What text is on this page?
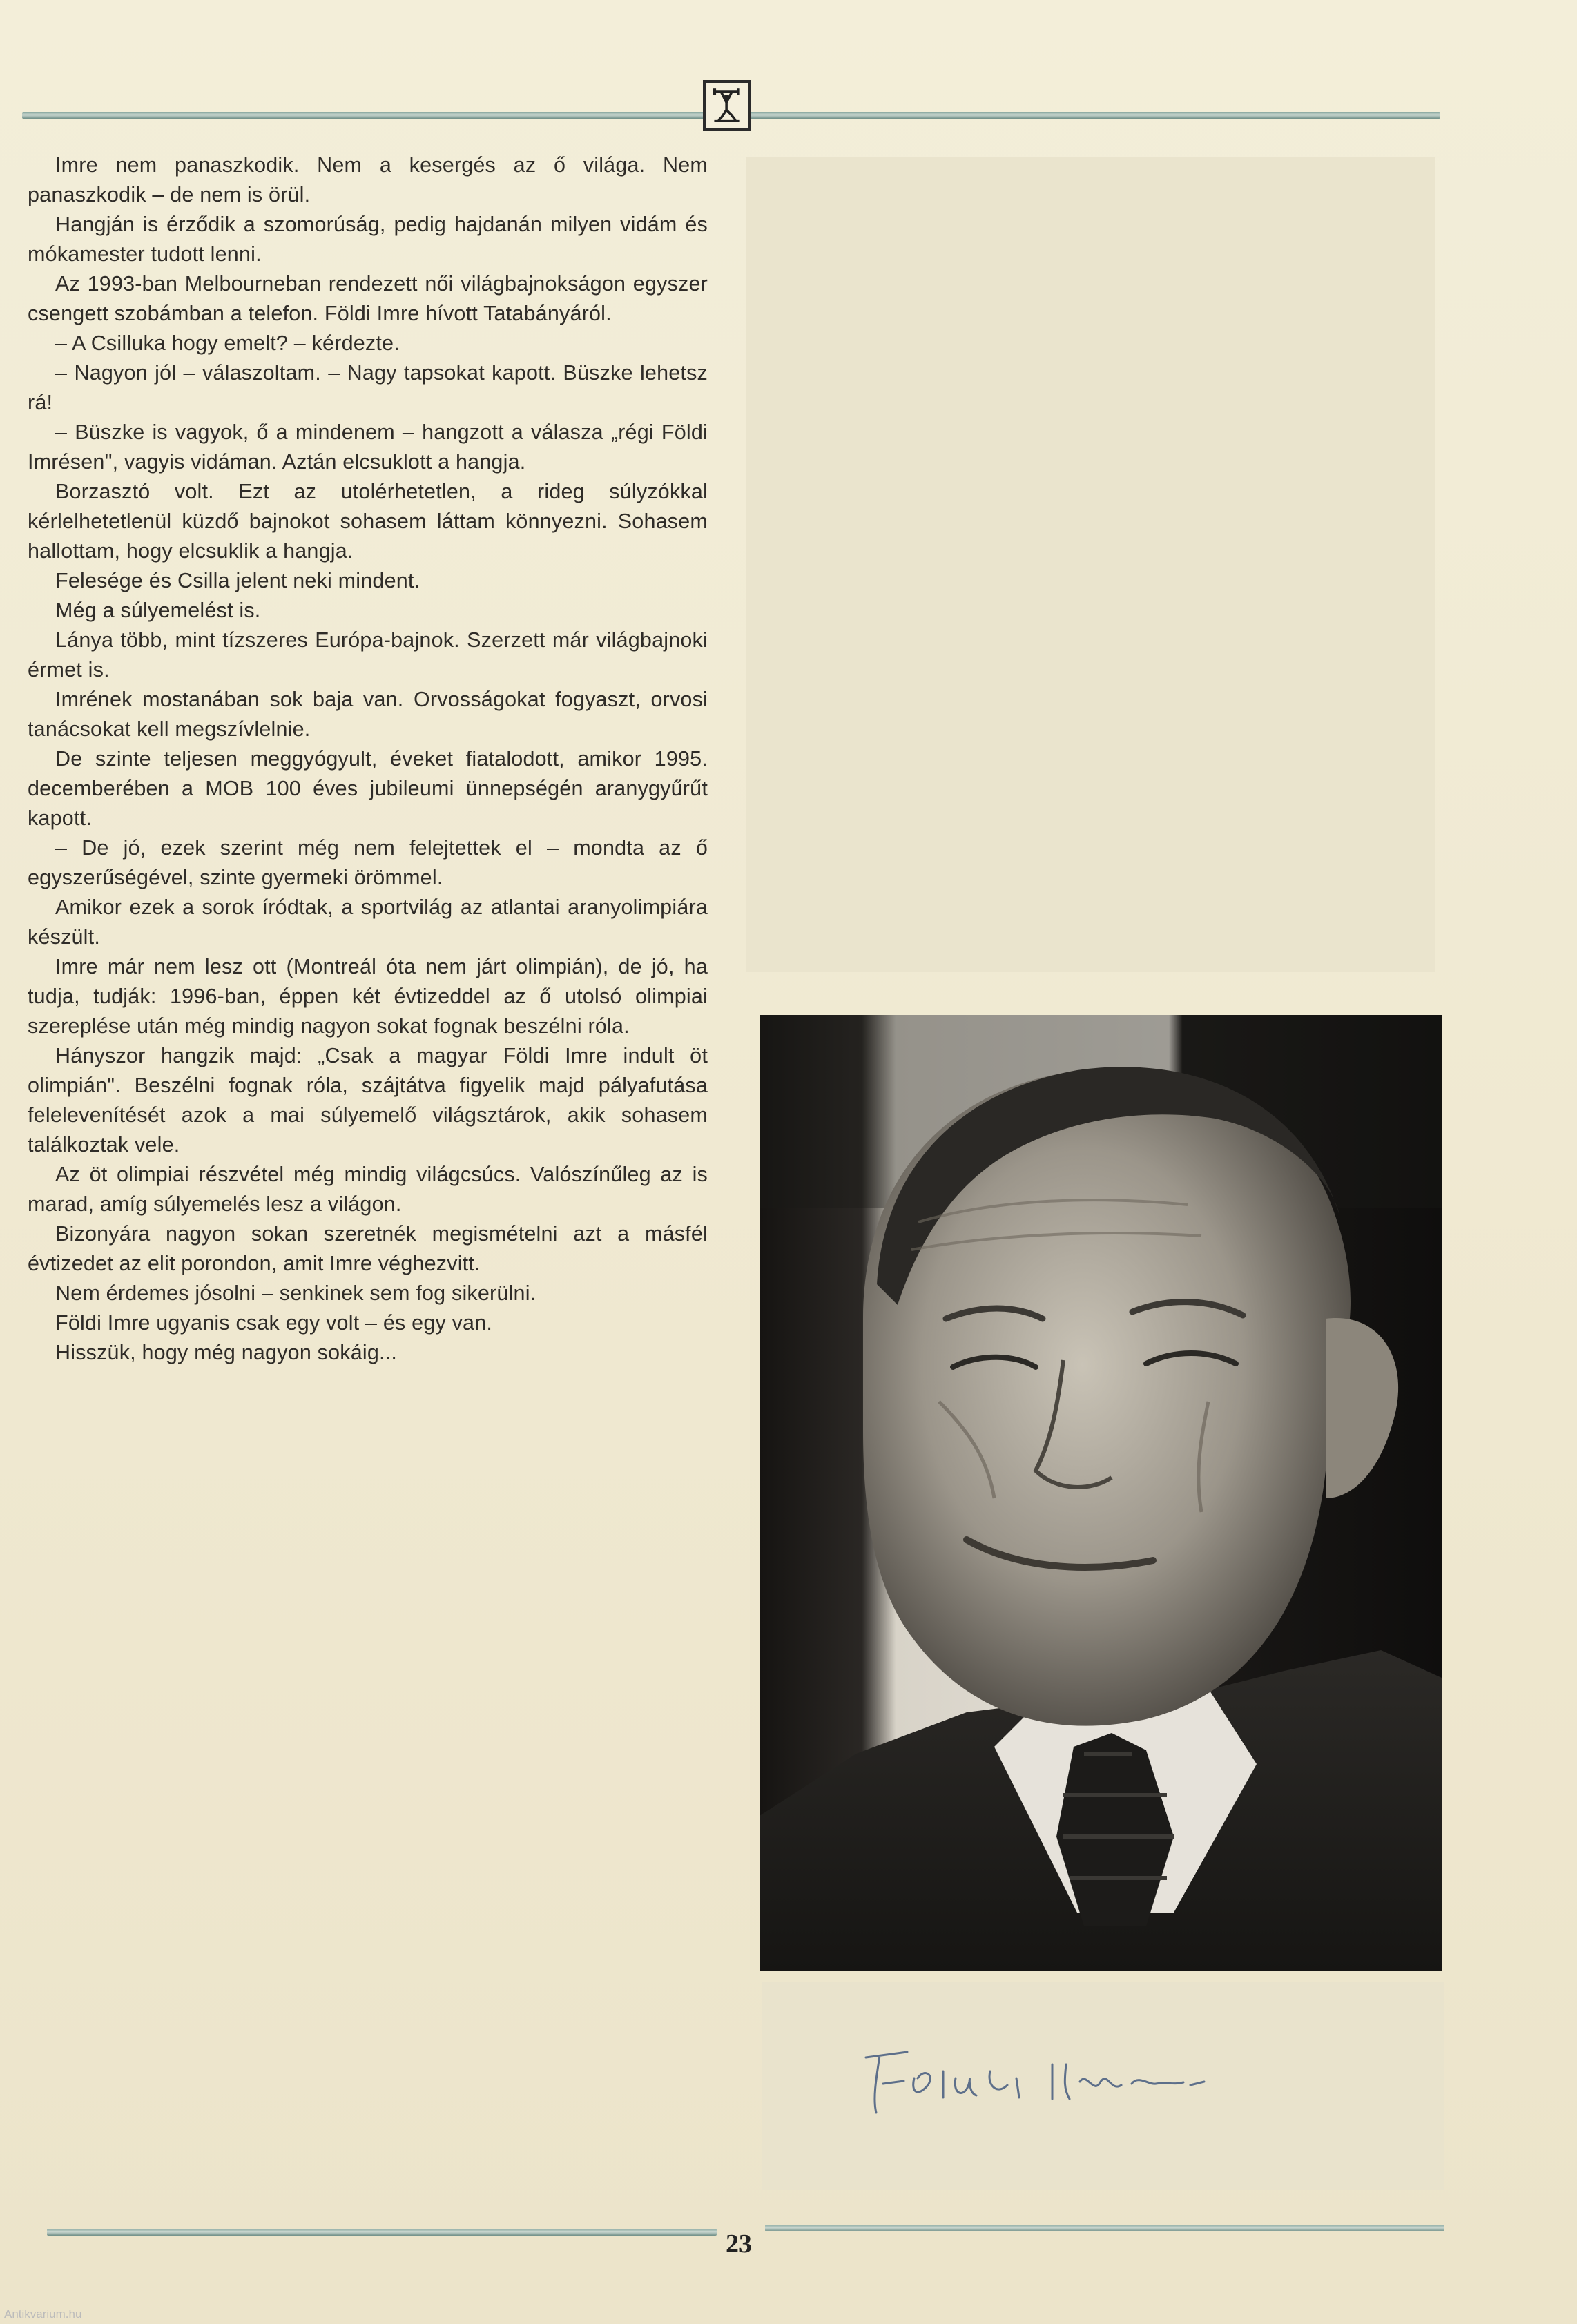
Imre nem panaszkodik. Nem a kesergés az ő világa. Nem panaszkodik – de nem is örül.

Hangján is érződik a szomorúság, pedig hajdanán milyen vidám és mókamester tudott lenni.

Az 1993-ban Melbourneban rendezett női világbajnokságon egyszer csengett szobámban a telefon. Földi Imre hívott Tatabányáról.

– A Csilluka hogy emelt? – kérdezte.

– Nagyon jól – válaszoltam. – Nagy tapsokat kapott. Büszke lehetsz rá!

– Büszke is vagyok, ő a mindenem – hangzott a válasza „régi Földi Imrésen", vagyis vidáman. Aztán elcsuklott a hangja.

Borzasztó volt. Ezt az utolérhetetlen, a rideg súlyzókkal kérlelhetetlenül küzdő bajnokot sohasem láttam könnyezni. Sohasem hallottam, hogy elcsuklik a hangja.

Felesége és Csilla jelent neki mindent.

Még a súlyemelést is.

Lánya több, mint tízszeres Európa-bajnok. Szerzett már világbajnoki érmet is.

Imrének mostanában sok baja van. Orvosságokat fogyaszt, orvosi tanácsokat kell megszívlelnie.

De szinte teljesen meggyógyult, éveket fiatalodott, amikor 1995. decemberében a MOB 100 éves jubileumi ünnepségén aranygyűrűt kapott.

– De jó, ezek szerint még nem felejtettek el – mondta az ő egyszerűségével, szinte gyermeki örömmel.

Amikor ezek a sorok íródtak, a sportvilág az atlantai aranyolimpiára készült.

Imre már nem lesz ott (Montreál óta nem járt olimpián), de jó, ha tudja, tudják: 1996-ban, éppen két évtizeddel az ő utolsó olimpiai szereplése után még mindig nagyon sokat fognak beszélni róla.

Hányszor hangzik majd: „Csak a magyar Földi Imre indult öt olimpián". Beszélni fognak róla, szájtátva figyelik majd pályafutása felelevenítését azok a mai súlyemelő világsztárok, akik sohasem találkoztak vele.

Az öt olimpiai részvétel még mindig világcsúcs. Valószínűleg az is marad, amíg súlyemelés lesz a világon.

Bizonyára nagyon sokan szeretnék megismételni azt a másfél évtizedet az elit porondon, amit Imre véghezvitt.

Nem érdemes jósolni – senkinek sem fog sikerülni.

Földi Imre ugyanis csak egy volt – és egy van.

Hisszük, hogy még nagyon sokáig...

23
Antikvarium.hu
